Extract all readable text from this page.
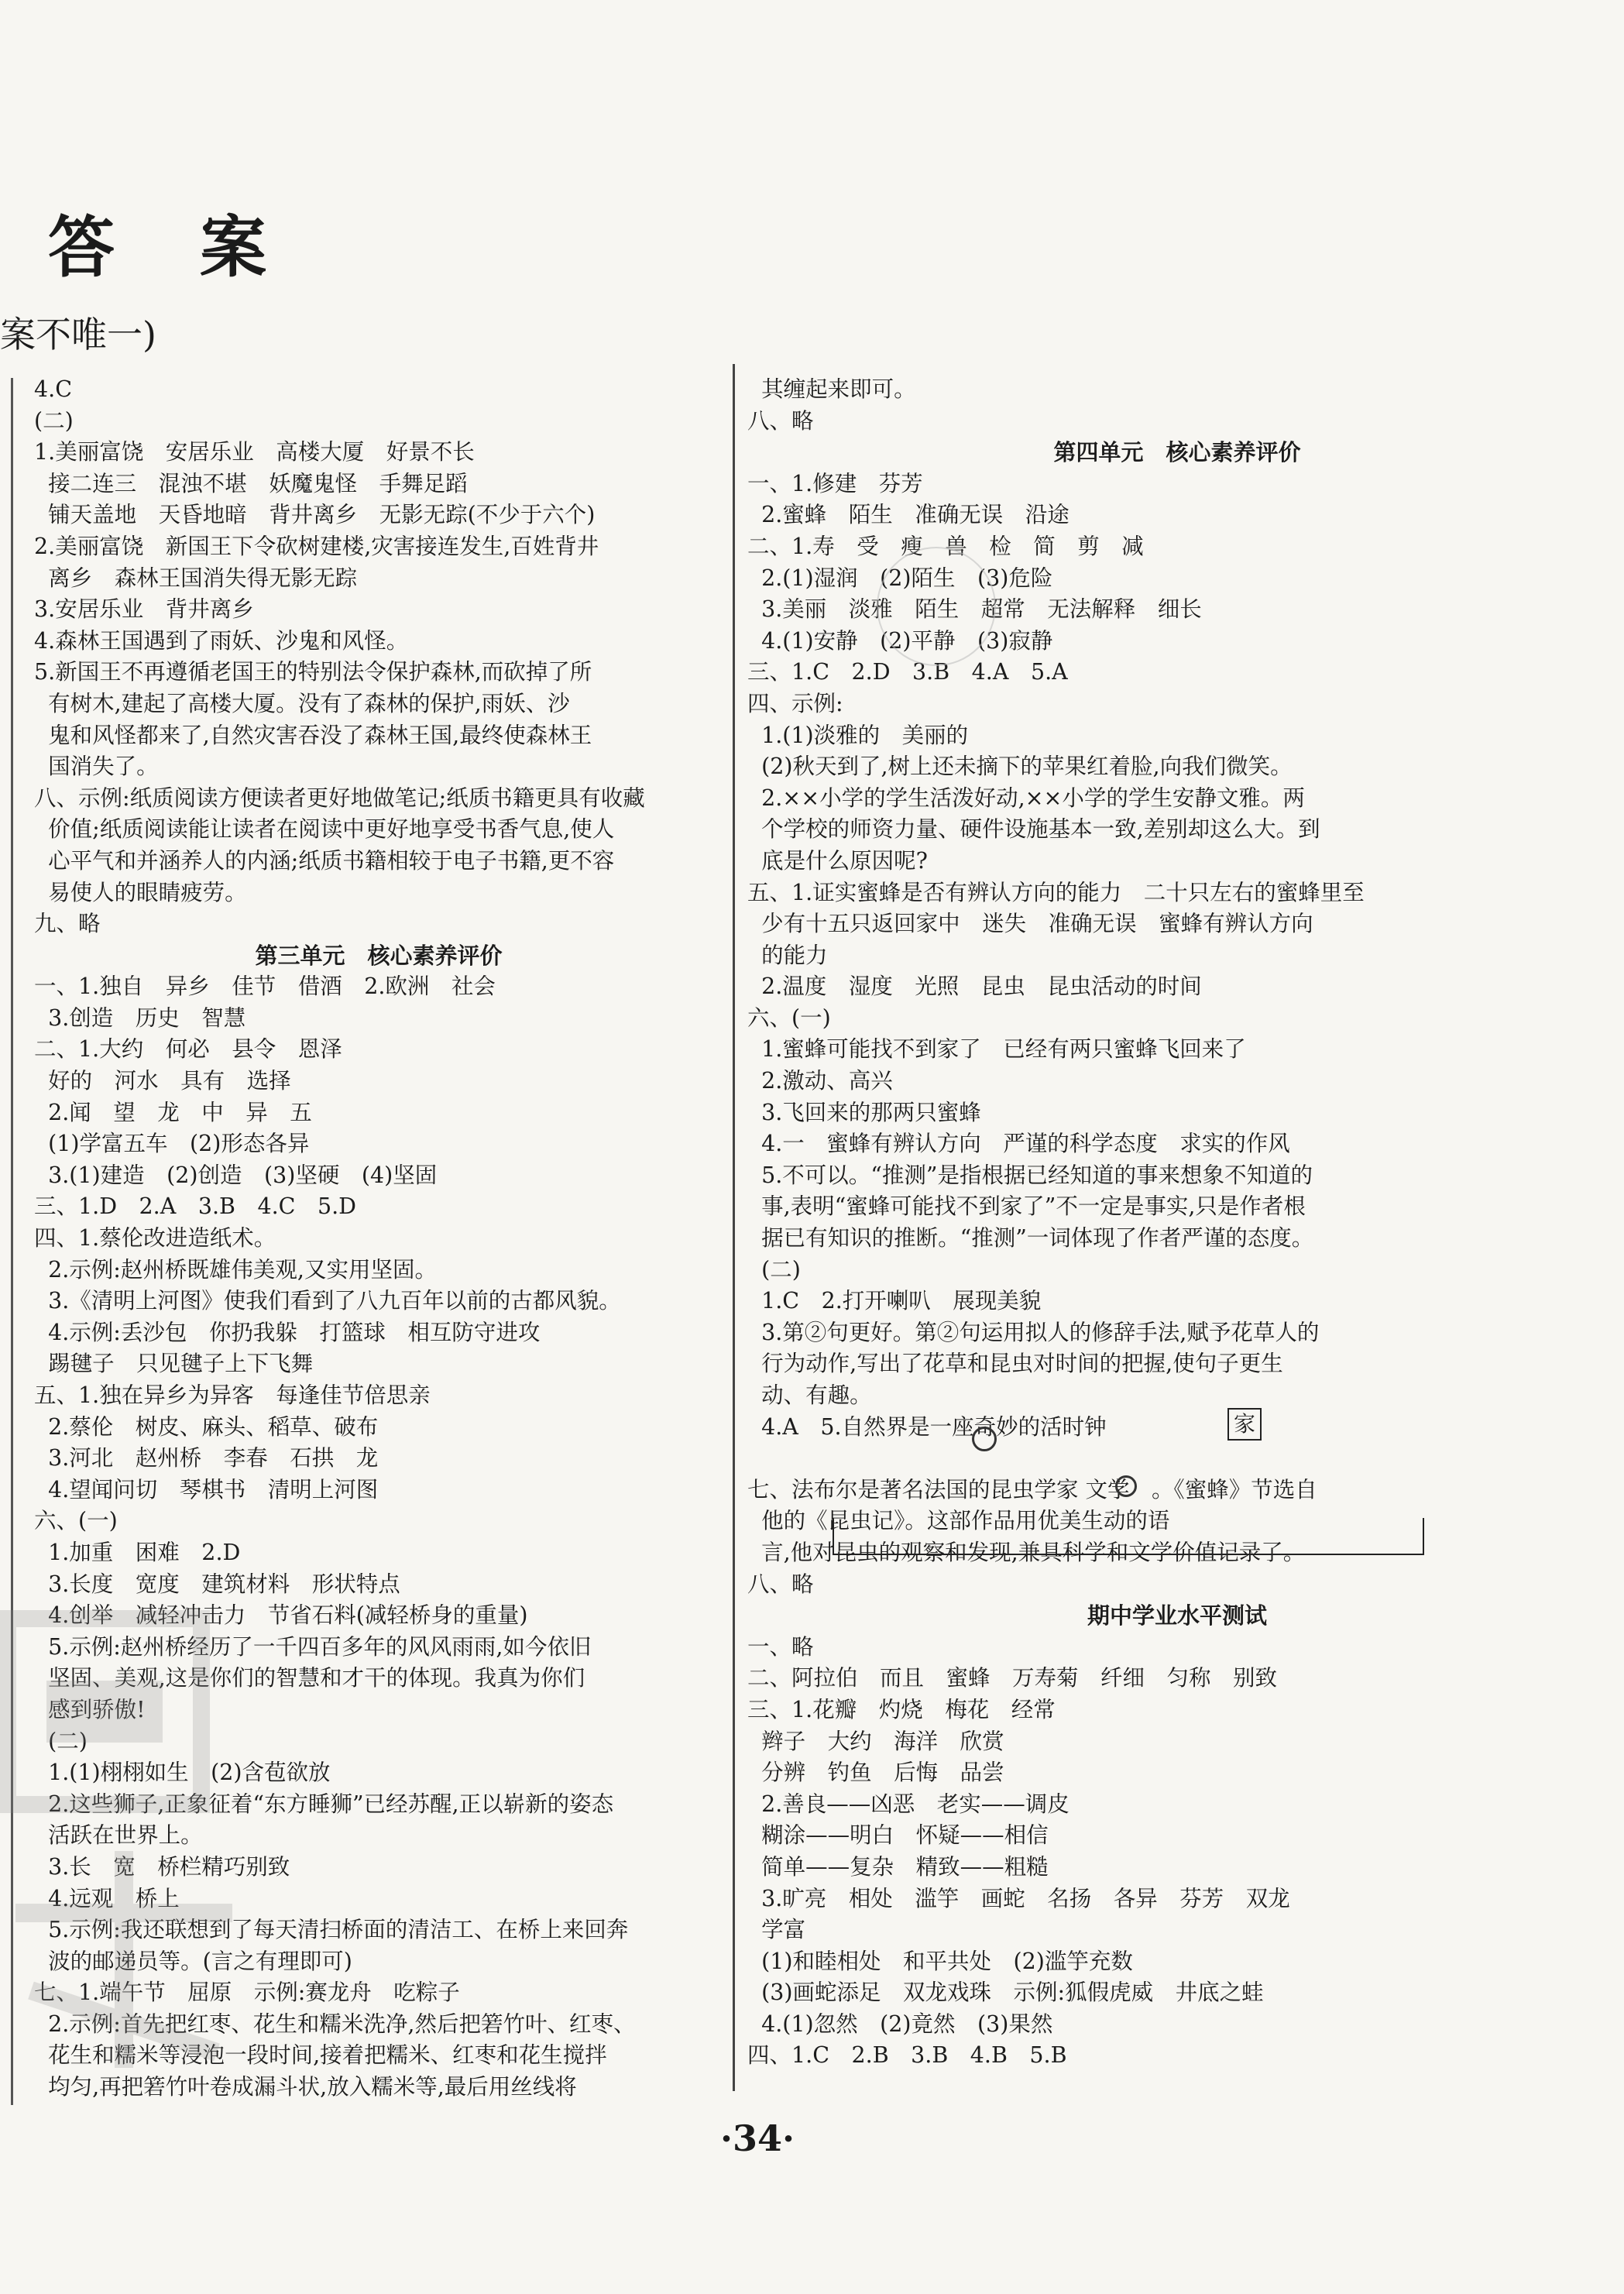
答案
案不唯一)
4.C
(二)
1.美丽富饶　安居乐业　高楼大厦　好景不长
接二连三　混浊不堪　妖魔鬼怪　手舞足蹈
铺天盖地　天昏地暗　背井离乡　无影无踪(不少于六个)
2.美丽富饶　新国王下令砍树建楼,灾害接连发生,百姓背井
离乡　森林王国消失得无影无踪
3.安居乐业　背井离乡
4.森林王国遇到了雨妖、沙鬼和风怪。
5.新国王不再遵循老国王的特别法令保护森林,而砍掉了所
有树木,建起了高楼大厦。没有了森林的保护,雨妖、沙
鬼和风怪都来了,自然灾害吞没了森林王国,最终使森林王
国消失了。
八、示例:纸质阅读方便读者更好地做笔记;纸质书籍更具有收藏
价值;纸质阅读能让读者在阅读中更好地享受书香气息,使人
心平气和并涵养人的内涵;纸质书籍相较于电子书籍,更不容
易使人的眼睛疲劳。
九、略
第三单元　核心素养评价
一、1.独自　异乡　佳节　借酒　2.欧洲　社会
3.创造　历史　智慧
二、1.大约　何必　县令　恩泽
好的　河水　具有　选择
2.闻　望　龙　中　异　五
(1)学富五车　(2)形态各异
3.(1)建造　(2)创造　(3)坚硬　(4)坚固
三、1.D　2.A　3.B　4.C　5.D
四、1.蔡伦改进造纸术。
2.示例:赵州桥既雄伟美观,又实用坚固。
3.《清明上河图》使我们看到了八九百年以前的古都风貌。
4.示例:丢沙包　你扔我躲　打篮球　相互防守进攻
踢毽子　只见毽子上下飞舞
五、1.独在异乡为异客　每逢佳节倍思亲
2.蔡伦　树皮、麻头、稻草、破布
3.河北　赵州桥　李春　石拱　龙
4.望闻问切　琴棋书　清明上河图
六、(一)
1.加重　困难　2.D
3.长度　宽度　建筑材料　形状特点
4.创举　减轻冲击力　节省石料(减轻桥身的重量)
5.示例:赵州桥经历了一千四百多年的风风雨雨,如今依旧
坚固、美观,这是你们的智慧和才干的体现。我真为你们
感到骄傲!
(二)
1.(1)栩栩如生　(2)含苞欲放
2.这些狮子,正象征着“东方睡狮”已经苏醒,正以崭新的姿态
活跃在世界上。
3.长　宽　桥栏精巧别致
4.远观　桥上
5.示例:我还联想到了每天清扫桥面的清洁工、在桥上来回奔
波的邮递员等。(言之有理即可)
七、1.端午节　屈原　示例:赛龙舟　吃粽子
2.示例:首先把红枣、花生和糯米洗净,然后把箬竹叶、红枣、
花生和糯米等浸泡一段时间,接着把糯米、红枣和花生搅拌
均匀,再把箬竹叶卷成漏斗状,放入糯米等,最后用丝线将
其缠起来即可。
八、略
第四单元　核心素养评价
一、1.修建　芬芳
2.蜜蜂　陌生　准确无误　沿途
二、1.寿　受　瘦　兽　检　简　剪　减
2.(1)湿润　(2)陌生　(3)危险
3.美丽　淡雅　陌生　超常　无法解释　细长
4.(1)安静　(2)平静　(3)寂静
三、1.C　2.D　3.B　4.A　5.A
四、示例:
1.(1)淡雅的　美丽的
(2)秋天到了,树上还未摘下的苹果红着脸,向我们微笑。
2.××小学的学生活泼好动,××小学的学生安静文雅。两
个学校的师资力量、硬件设施基本一致,差别却这么大。到
底是什么原因呢?
五、1.证实蜜蜂是否有辨认方向的能力　二十只左右的蜜蜂里至
少有十五只返回家中　迷失　准确无误　蜜蜂有辨认方向
的能力
2.温度　湿度　光照　昆虫　昆虫活动的时间
六、(一)
1.蜜蜂可能找不到家了　已经有两只蜜蜂飞回来了
2.激动、高兴
3.飞回来的那两只蜜蜂
4.一　蜜蜂有辨认方向　严谨的科学态度　求实的作风
5.不可以。“推测”是指根据已经知道的事来想象不知道的
事,表明“蜜蜂可能找不到家了”不一定是事实,只是作者根
据已有知识的推断。“推测”一词体现了作者严谨的态度。
(二)
1.C　2.打开喇叭　展现美貌
3.第②句更好。第②句运用拟人的修辞手法,赋予花草人的
行为动作,写出了花草和昆虫对时间的把握,使句子更生
动、有趣。
4.A　5.自然界是一座奇妙的活时钟
七、法布尔是著名法国的昆虫学家 文学　。《蜜蜂》节选自
他的《昆虫记》。这部作品用优美生动的语
言,他对昆虫的观察和发现,兼具科学和文学价值记录了。
八、略
期中学业水平测试
一、略
二、阿拉伯　而且　蜜蜂　万寿菊　纤细　匀称　别致
三、1.花瓣　灼烧　梅花　经常
辫子　大约　海洋　欣赏
分辨　钓鱼　后悔　品尝
2.善良——凶恶　老实——调皮
糊涂——明白　怀疑——相信
简单——复杂　精致——粗糙
3.旷亮　相处　滥竽　画蛇　名扬　各异　芬芳　双龙
学富
(1)和睦相处　和平共处　(2)滥竽充数
(3)画蛇添足　双龙戏珠　示例:狐假虎威　井底之蛙
4.(1)忽然　(2)竟然　(3)果然
四、1.C　2.B　3.B　4.B　5.B
家
·34·
